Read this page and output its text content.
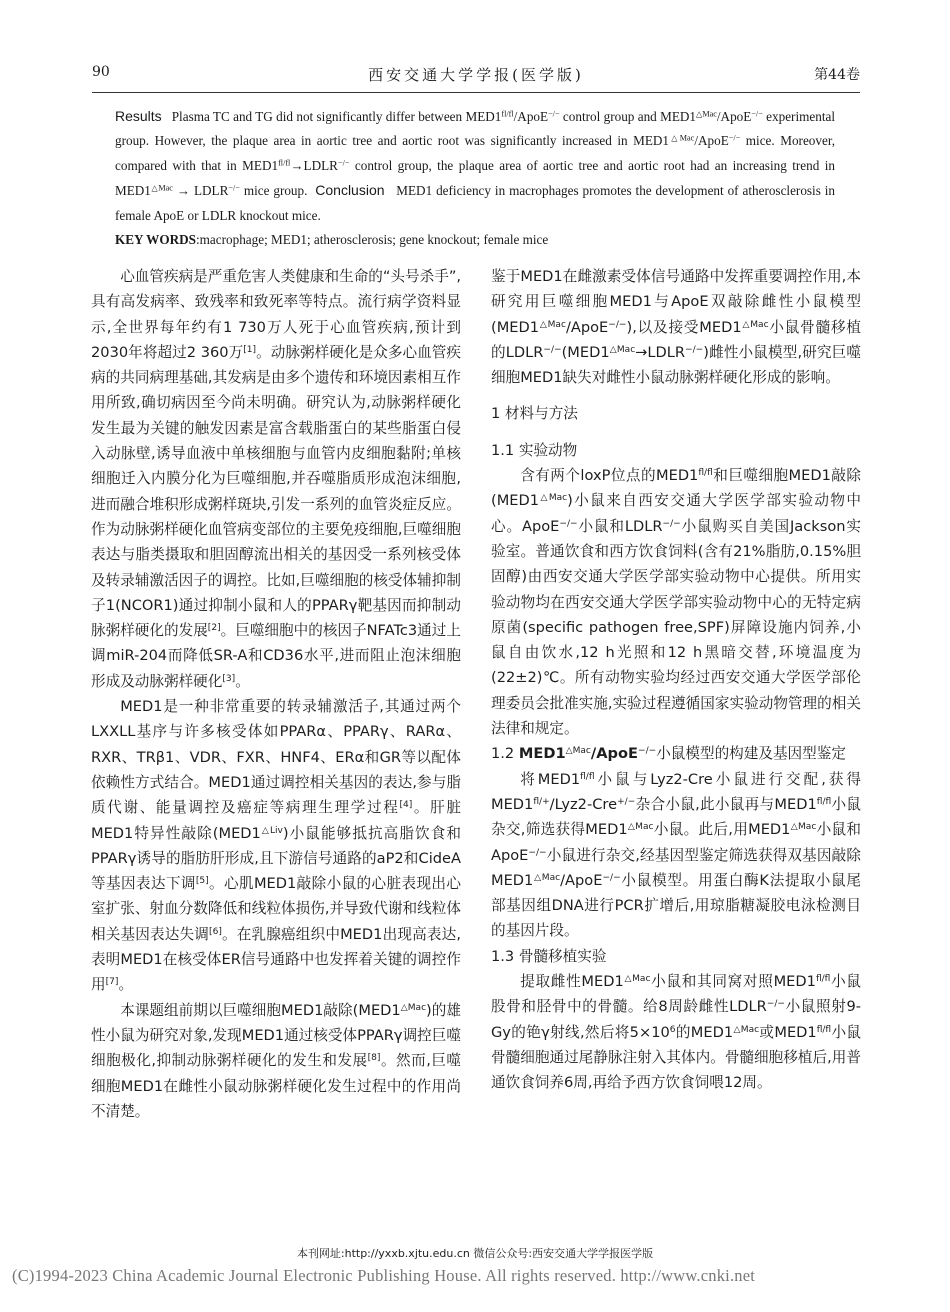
90	西安交通大学学报(医学版)	第44卷

Results Plasma TC and TG did not significantly differ between $MED1^{fl/fl}/ApoE^{-/-}$ control group and $MED1^{\triangle Mac}/ApoE^{-/-}$ experimental group. However, the plaque area in aortic tree and aortic root was significantly increased in $MED1^{\triangle Mac}/ApoE^{-/-}$ mice. Moreover, compared with that in $MED1^{fl/fl}\to LDLR^{-/-}$ control group, the plaque area of aortic tree and aortic root had an increasing trend in $MED1^{\triangle Mac}$ → LDLR−/− mice group. Conclusion MED1 deficiency in macrophages promotes the development of atherosclerosis in female ApoE or LDLR knockout mice.

KEY WORDS:macrophage; MED1; atherosclerosis; gene knockout; female mice

心血管疾病是严重危害人类健康和生命的“头号杀手”,具有高发病率、致残率和致死率等特点。流行病学资料显示,全世界每年约有1 730万人死于心血管疾病,预计到2030年将超过2 360万[1]。动脉粥样硬化是众多心血管疾病的共同病理基础,其发病是由多个遗传和环境因素相互作用所致,确切病因至今尚未明确。研究认为,动脉粥样硬化发生最为关键的触发因素是富含载脂蛋白的某些脂蛋白侵入动脉壁,诱导血液中单核细胞与血管内皮细胞黏附;单核细胞迁入内膜分化为巨噬细胞,并吞噬脂质形成泡沫细胞,进而融合堆积形成粥样斑块,引发一系列的血管炎症反应。作为动脉粥样硬化血管病变部位的主要免疫细胞,巨噬细胞表达与脂类摄取和胆固醇流出相关的基因受一系列核受体及转录辅激活因子的调控。比如,巨噬细胞的核受体辅抑制子1(NCOR1)通过抑制小鼠和人的PPARγ靶基因而抑制动脉粥样硬化的发展[2]。巨噬细胞中的核因子NFATc3通过上调miR-204而降低SR-A和CD36水平,进而阻止泡沫细胞形成及动脉粥样硬化[3]。

MED1是一种非常重要的转录辅激活子,其通过两个LXXLL基序与许多核受体如PPARα、PPARγ、RARα、RXR、TRβ1、VDR、FXR、HNF4、ERα和GR等以配体依赖性方式结合。MED1通过调控相关基因的表达,参与脂质代谢、能量调控及癌症等病理生理学过程[4]。肝脏MED1特异性敲除$(MED1^{\triangle Liv})$小鼠能够抵抗高脂饮食和PPARγ诱导的脂肪肝形成,且下游信号通路的aP2和CideA等基因表达下调[5]。心肌MED1敲除小鼠的心脏表现出心室扩张、射血分数降低和线粒体损伤,并导致代谢和线粒体相关基因表达失调[6]。在乳腺癌组织中MED1出现高表达,表明MED1在核受体ER信号通路中也发挥着关键的调控作用[7]。

本课题组前期以巨噬细胞MED1敲除$(MED1^{\triangle Mac})$的雄性小鼠为研究对象,发现MED1通过核受体PPARγ调控巨噬细胞极化,抑制动脉粥样硬化的发生和发展[8]。然而,巨噬细胞MED1在雌性小鼠动脉粥样硬化发生过程中的作用尚不清楚。

鉴于MED1在雌激素受体信号通路中发挥重要调控作用,本研究用巨噬细胞MED1与ApoE双敲除雌性小鼠模型$(MED1^{\triangle Mac}/ApoE^{-/-})$,以及接受$MED1^{\triangle Mac}$小鼠骨髓移植的$LDLR^{-/-}(MED1^{\triangle Mac}\to LDLR^{-/-})$雌性小鼠模型,研究巨噬细胞MED1缺失对雌性小鼠动脉粥样硬化形成的影响。

1 材料与方法
1.1 实验动物

含有两个loxP位点的$MED1^{fl/fl}$和巨噬细胞MED1敲除$(MED1^{\triangle Mac})$小鼠来自西安交通大学医学部实验动物中心。ApoE−/−小鼠和LDLR−/−小鼠购买自美国Jackson实验室。普通饮食和西方饮食饲料(含有21%脂肪,0.15%胆固醇)由西安交通大学医学部实验动物中心提供。所用实验动物均在西安交通大学医学部实验动物中心的无特定病原菌(specific pathogen free,SPF)屏障设施内饲养,小鼠自由饮水,12 h光照和12 h黑暗交替,环境温度为(22±2)℃。所有动物实验均经过西安交通大学医学部伦理委员会批准实施,实验过程遵循国家实验动物管理的相关法律和规定。

1.2 $MED1^{\triangle Mac}/ApoE^{-/-}$小鼠模型的构建及基因型鉴定

将$MED1^{fl/fl}$小鼠与Lyz2-Cre小鼠进行交配,获得$MED1^{fl/+}/Lyz2-Cre^{+/-}$杂合小鼠,此小鼠再与$MED1^{fl/fl}$小鼠杂交,筛选获得$MED1^{\triangle Mac}$小鼠。此后,用$MED1^{\triangle Mac}$小鼠和ApoE−/−小鼠进行杂交,经基因型鉴定筛选获得双基因敲除$MED1^{\triangle Mac}/ApoE^{-/-}$小鼠模型。用蛋白酶K法提取小鼠尾部基因组DNA进行PCR扩增后,用琼脂糖凝胶电泳检测目的基因片段。

1.3 骨髓移植实验

提取雌性$MED1^{\triangle Mac}$小鼠和其同窝对照$MED1^{fl/fl}$小鼠股骨和胫骨中的骨髓。给8周龄雌性LDLR−/−小鼠照射9-Gy的铯γ射线,然后将$5\times 10^6$的$MED1^{\triangle Mac}$或$MED1^{fl/fl}$小鼠骨髓细胞通过尾静脉注射入其体内。骨髓细胞移植后,用普通饮食饲养6周,再给予西方饮食饲喂12周。

本刊网址:http://yxxb.xjtu.edu.cn 微信公众号:西安交通大学学报医学版
(C)1994-2023 China Academic Journal Electronic Publishing House. All rights reserved. http://www.cnki.net
